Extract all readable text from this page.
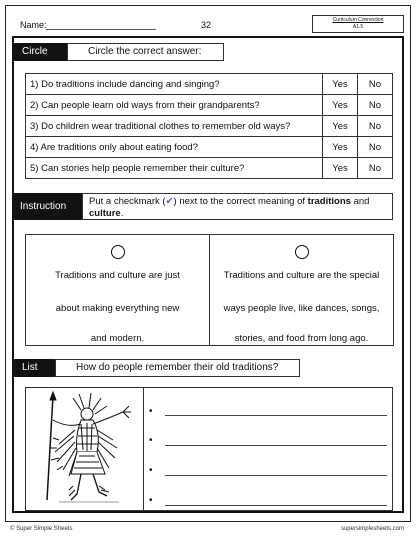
Name:	32	Curriculum Connection
A1.5
Circle	Circle the correct answer:
1) Do traditions include dancing and singing?	Yes	No
2) Can people learn old ways from their grandparents?	Yes	No
3) Do children wear traditional clothes to remember old ways?	Yes	No
4) Are traditions only about eating food?	Yes	No
5) Can stories help people remember their culture?	Yes	No
Instruction	Put a checkmark (✔) next to the correct meaning of traditions and culture.
Traditions and culture are just
about making everything new
and modern.
Traditions and culture are the special
ways people live, like dances, songs,
stories, and food from long ago.
List	How do people remember their old traditions?
•
•
•
•
© Super Simple Sheets	supersimplesheets.com
